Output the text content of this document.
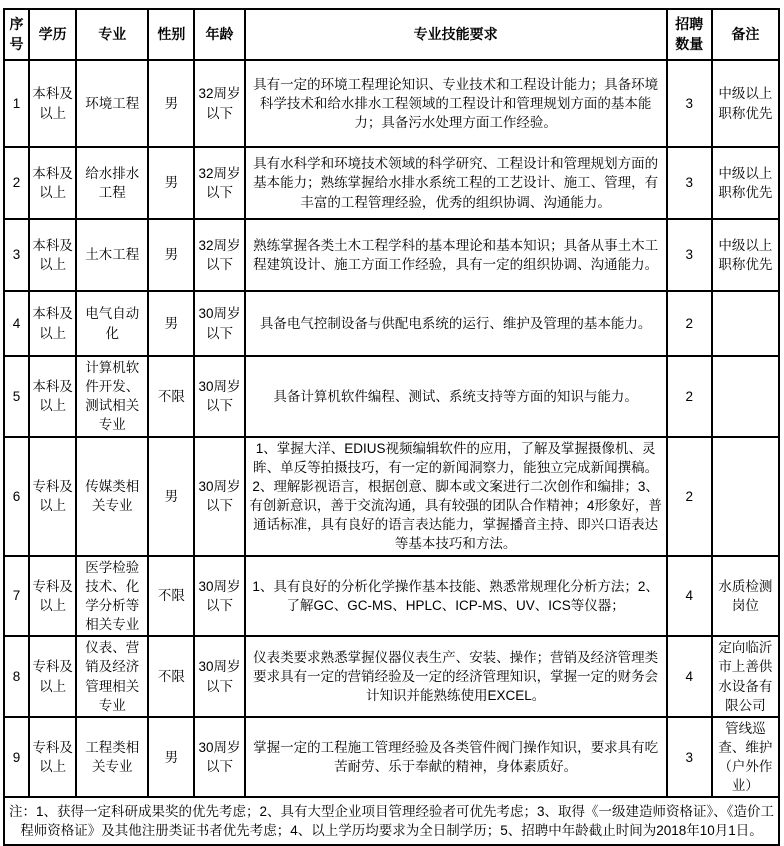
序号	学历	专业	性别	年龄	专业技能要求	招聘数量	备注
1	本科及以上	环境工程	男	32周岁以下	具有一定的环境工程理论知识、专业技术和工程设计能力；具备环境科学技术和给水排水工程领域的工程设计和管理规划方面的基本能力；具备污水处理方面工作经验。	3	中级以上职称优先
2	本科及以上	给水排水工程	男	32周岁以下	具有水科学和环境技术领域的科学研究、工程设计和管理规划方面的基本能力；熟练掌握给水排水系统工程的工艺设计、施工、管理，有丰富的工程管理经验，优秀的组织协调、沟通能力。	3	中级以上职称优先
3	本科及以上	土木工程	男	32周岁以下	熟练掌握各类土木工程学科的基本理论和基本知识；具备从事土木工程建筑设计、施工方面工作经验，具有一定的组织协调、沟通能力。	3	中级以上职称优先
4	本科及以上	电气自动化	男	30周岁以下	具备电气控制设备与供配电系统的运行、维护及管理的基本能力。	2	
5	本科及以上	计算机软件开发、测试相关专业	不限	30周岁以下	具备计算机软件编程、测试、系统支持等方面的知识与能力。	2	
6	专科及以上	传媒类相关专业	男	30周岁以下	1、掌握大洋、EDIUS视频编辑软件的应用，了解及掌握摄像机、灵眸、单反等拍摄技巧，有一定的新闻洞察力，能独立完成新闻撰稿。2、理解影视语言，根据创意、脚本或文案进行二次创作和编排；3、有创新意识，善于交流沟通，具有较强的团队合作精神；4形象好，普通话标准，具有良好的语言表达能力，掌握播音主持、即兴口语表达等基本技巧和方法。	2	
7	专科及以上	医学检验技术、化学分析等相关专业	不限	30周岁以下	1、具有良好的分析化学操作基本技能、熟悉常规理化分析方法；2、了解GC、GC-MS、HPLC、ICP-MS、UV、ICS等仪器；	4	水质检测岗位
8	专科及以上	仪表、营销及经济管理相关专业	不限	30周岁以下	仪表类要求熟悉掌握仪器仪表生产、安装、操作；营销及经济管理类要求具有一定的营销经验及一定的经济管理知识，掌握一定的财务会计知识并能熟练使用EXCEL。	4	定向临沂市上善供水设备有限公司
9	专科及以上	工程类相关专业	男	30周岁以下	掌握一定的工程施工管理经验及各类管件阀门操作知识，要求具有吃苦耐劳、乐于奉献的精神，身体素质好。	3	管线巡查、维护（户外作业）
注：1、获得一定科研成果奖的优先考虑；2、具有大型企业项目管理经验者可优先考虑；3、取得《一级建造师资格证》、《造价工程师资格证》及其他注册类证书者优先考虑；4、以上学历均要求为全日制学历；5、招聘中年龄截止时间为2018年10月1日。							
